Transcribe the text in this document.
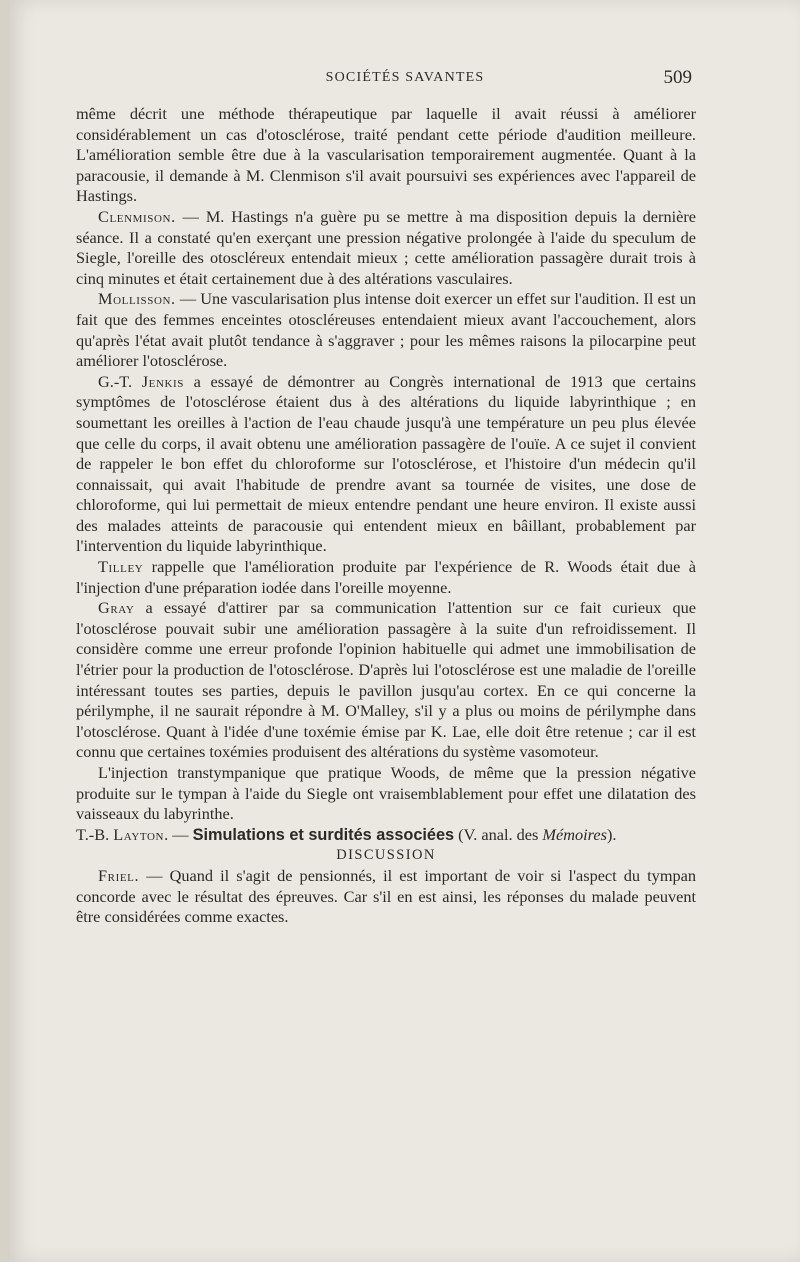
SOCIÉTÉS SAVANTES	509

même décrit une méthode thérapeutique par laquelle il avait réussi à améliorer considérablement un cas d'otosclérose, traité pendant cette période d'audition meilleure. L'amélioration semble être due à la vascularisation temporairement augmentée. Quant à la paracousie, il demande à M. Clenmison s'il avait poursuivi ses expériences avec l'appareil de Hastings.

Clenmison. — M. Hastings n'a guère pu se mettre à ma disposition depuis la dernière séance. Il a constaté qu'en exerçant une pression négative prolongée à l'aide du speculum de Siegle, l'oreille des otoscléreux entendait mieux ; cette amélioration passagère durait trois à cinq minutes et était certainement due à des altérations vasculaires.

Mollisson. — Une vascularisation plus intense doit exercer un effet sur l'audition. Il est un fait que des femmes enceintes otoscléreuses entendaient mieux avant l'accouchement, alors qu'après l'état avait plutôt tendance à s'aggraver ; pour les mêmes raisons la pilocarpine peut améliorer l'otosclérose.

G.-T. Jenkis a essayé de démontrer au Congrès international de 1913 que certains symptômes de l'otosclérose étaient dus à des altérations du liquide labyrinthique ; en soumettant les oreilles à l'action de l'eau chaude jusqu'à une température un peu plus élevée que celle du corps, il avait obtenu une amélioration passagère de l'ouïe. A ce sujet il convient de rappeler le bon effet du chloroforme sur l'otosclérose, et l'histoire d'un médecin qu'il connaissait, qui avait l'habitude de prendre avant sa tournée de visites, une dose de chloroforme, qui lui permettait de mieux entendre pendant une heure environ. Il existe aussi des malades atteints de paracousie qui entendent mieux en bâillant, probablement par l'intervention du liquide labyrinthique.

Tilley rappelle que l'amélioration produite par l'expérience de R. Woods était due à l'injection d'une préparation iodée dans l'oreille moyenne.

Gray a essayé d'attirer par sa communication l'attention sur ce fait curieux que l'otosclérose pouvait subir une amélioration passagère à la suite d'un refroidissement. Il considère comme une erreur profonde l'opinion habituelle qui admet une immobilisation de l'étrier pour la production de l'otosclérose. D'après lui l'otosclérose est une maladie de l'oreille intéressant toutes ses parties, depuis le pavillon jusqu'au cortex. En ce qui concerne la périlymphe, il ne saurait répondre à M. O'Malley, s'il y a plus ou moins de périlymphe dans l'otosclérose. Quant à l'idée d'une toxémie émise par K. Lae, elle doit être retenue ; car il est connu que certaines toxémies produisent des altérations du système vasomoteur.

L'injection transtympanique que pratique Woods, de même que la pression négative produite sur le tympan à l'aide du Siegle ont vraisemblablement pour effet une dilatation des vaisseaux du labyrinthe.

T.-B. Layton. — Simulations et surdités associées (V. anal. des Mémoires).

DISCUSSION

Friel. — Quand il s'agit de pensionnés, il est important de voir si l'aspect du tympan concorde avec le résultat des épreuves. Car s'il en est ainsi, les réponses du malade peuvent être considérées comme exactes.
